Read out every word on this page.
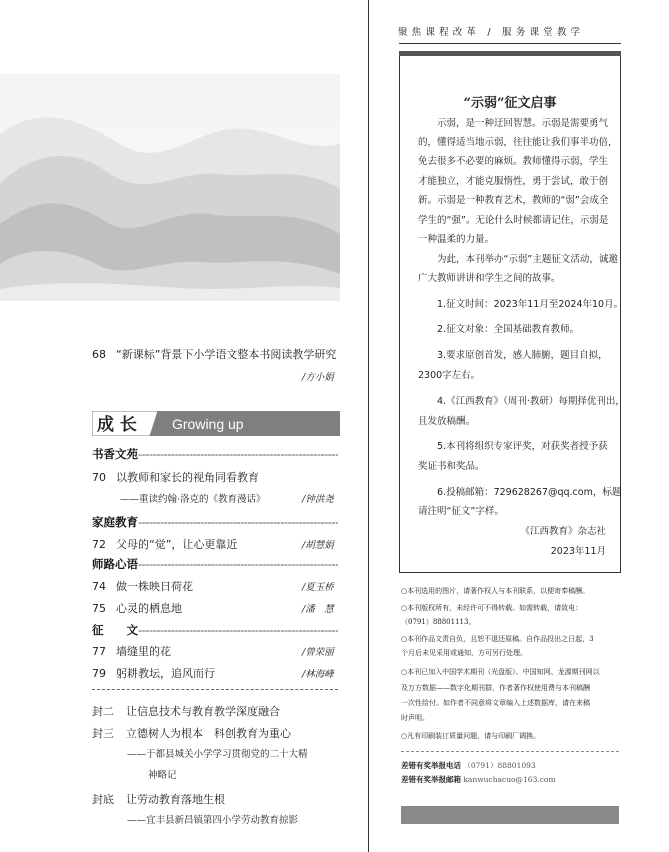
68 “新课标”背景下小学语文整本书阅读教学研究
/方小娟
成 长	Growing up
书香文苑 -----
70 以教师和家长的视角同看教育
——重读约翰·洛克的《教育漫话》	/钟洪尧
家庭教育 -----
72 父母的“觉”，让心更靠近	/胡慧娟
师路心语 -----
74 做一株映日荷花	/夏玉桥
75 心灵的栖息地	/潘　慧
征　　文 -----
77 墙缝里的花	/曾荣丽
79 躬耕教坛，追风而行	/林海峰
封二 让信息技术与教育教学深度融合
封三 立德树人为根本　科创教育为重心
——于都县城关小学学习贯彻党的二十大精
神略记
封底 让劳动教育落地生根
——宜丰县新昌镇第四小学劳动教育掠影
聚焦课程改革 / 服务课堂教学
“示弱”征文启事
　　示弱，是一种迂回智慧。示弱是需要勇气
的，懂得适当地示弱，往往能让我们事半功倍，
免去很多不必要的麻烦。教师懂得示弱，学生
才能独立，才能克服惰性，勇于尝试，敢于创
新。示弱是一种教育艺术，教师的“弱”会成全
学生的“强”。无论什么时候都请记住，示弱是
一种温柔的力量。
　　为此，本刊举办“示弱”主题征文活动，诚邀
广大教师讲讲和学生之间的故事。
　　1.征文时间：2023年11月至2024年10月。
　　2.征文对象：全国基础教育教师。
　　3.要求原创首发，感人肺腑，题目自拟，
2300字左右。
　　4.《江西教育》（周刊·教研）每期择优刊出，
且发放稿酬。
　　5.本刊将组织专家评奖，对获奖者授予获
奖证书和奖品。
　　6.投稿邮箱：729628267@qq.com，标题
请注明“征文”字样。
《江西教育》杂志社
2023年11月
○本刊选用的图片，请著作权人与本刊联系，以便寄奉稿酬。
○本刊版权所有，未经许可不得转载。如需转载，请致电：
（0791）88801113。
○本刊作品文责自负，且恕不退还原稿。自作品投出之日起，3
个月后未见采用或通知，方可另行处理。
○本刊已加入中国学术期刊（光盘版）、中国知网、龙源期刊网以
及万方数据——数字化期刊群，作者著作权使用费与本刊稿酬
一次性给付。如作者不同意将文章编入上述数据库，请在来稿
时声明。
○凡有印刷装订质量问题，请与印刷厂调换。
差错有奖举报电话 （0791）88801093
差错有奖举报邮箱 kanwuchacuo@163.com
